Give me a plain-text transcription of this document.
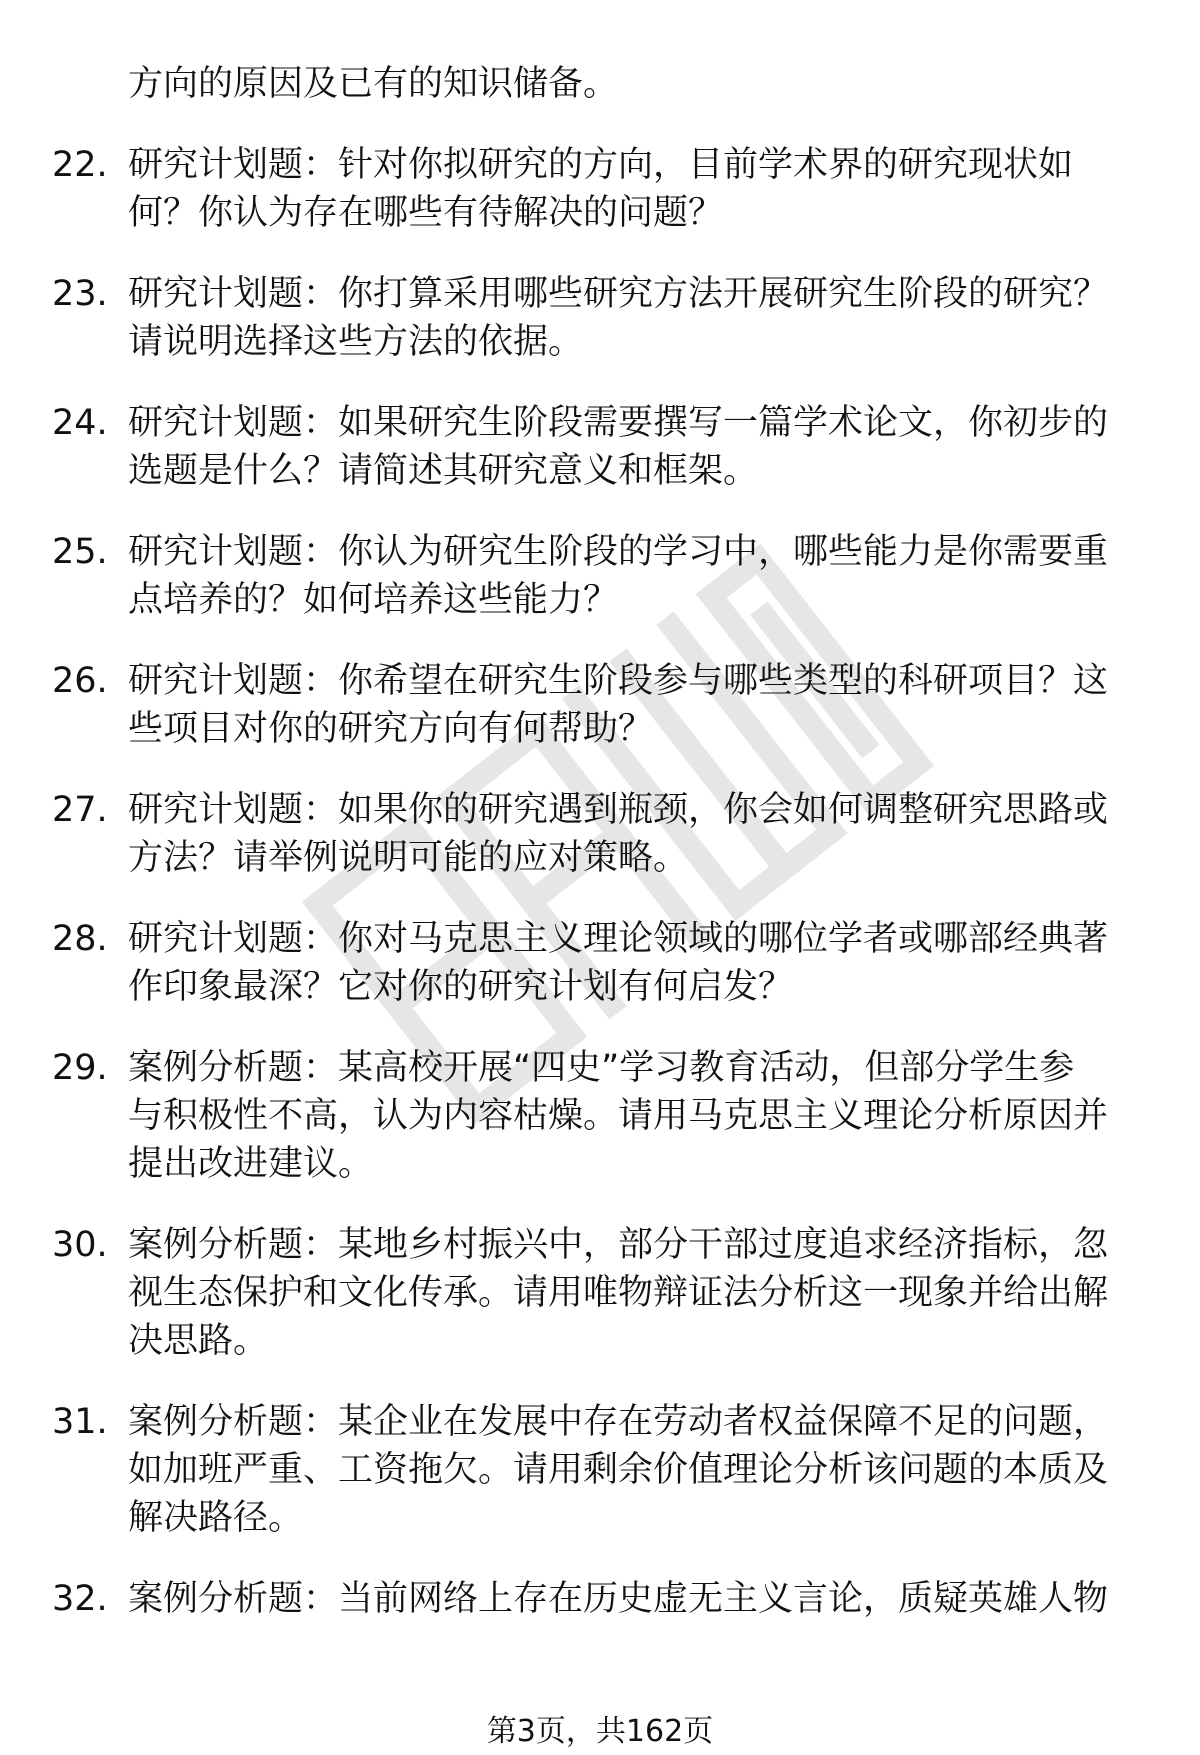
方向的原因及已有的知识储备。
22. 研究计划题：针对你拟研究的方向，目前学术界的研究现状如
何？你认为存在哪些有待解决的问题？
23. 研究计划题：你打算采用哪些研究方法开展研究生阶段的研究？
请说明选择这些方法的依据。
24. 研究计划题：如果研究生阶段需要撰写一篇学术论文，你初步的
选题是什么？请简述其研究意义和框架。
25. 研究计划题：你认为研究生阶段的学习中，哪些能力是你需要重
点培养的？如何培养这些能力？
26. 研究计划题：你希望在研究生阶段参与哪些类型的科研项目？这
些项目对你的研究方向有何帮助？
27. 研究计划题：如果你的研究遇到瓶颈，你会如何调整研究思路或
方法？请举例说明可能的应对策略。
28. 研究计划题：你对马克思主义理论领域的哪位学者或哪部经典著
作印象最深？它对你的研究计划有何启发？
29. 案例分析题：某高校开展“四史”学习教育活动，但部分学生参
与积极性不高，认为内容枯燥。请用马克思主义理论分析原因并
提出改进建议。
30. 案例分析题：某地乡村振兴中，部分干部过度追求经济指标，忽
视生态保护和文化传承。请用唯物辩证法分析这一现象并给出解
决思路。
31. 案例分析题：某企业在发展中存在劳动者权益保障不足的问题，
如加班严重、工资拖欠。请用剩余价值理论分析该问题的本质及
解决路径。
32. 案例分析题：当前网络上存在历史虚无主义言论，质疑英雄人物
第3页，共162页
